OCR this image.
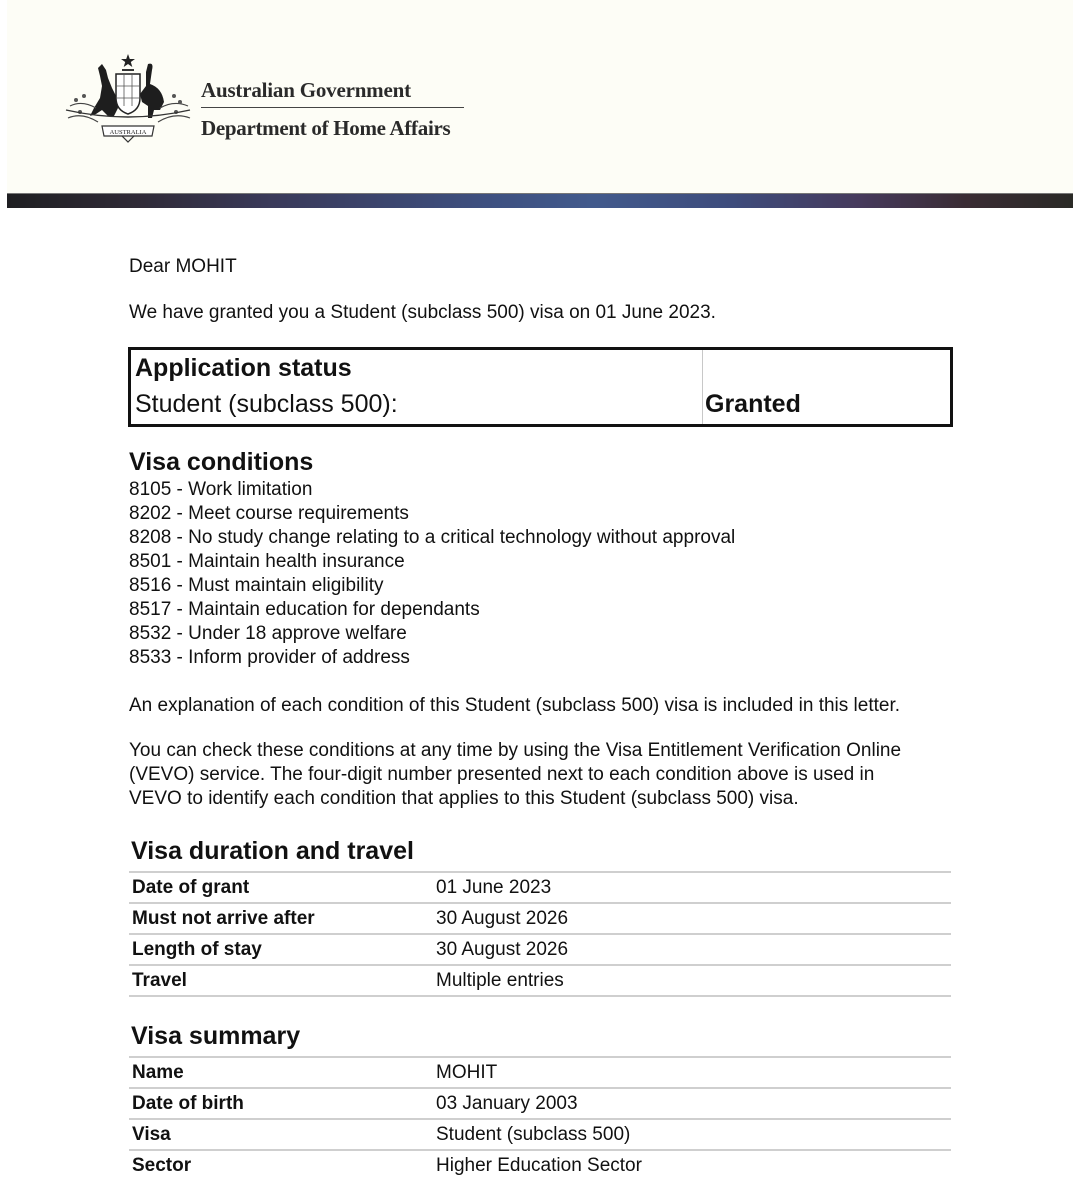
AUSTRALIA
Australian Government
Department of Home Affairs
Dear MOHIT
We have granted you a Student (subclass 500) visa on 01 June 2023.
Application status
Student (subclass 500):	Granted
Visa conditions
8105 - Work limitation
8202 - Meet course requirements
8208 - No study change relating to a critical technology without approval
8501 - Maintain health insurance
8516 - Must maintain eligibility
8517 - Maintain education for dependants
8532 - Under 18 approve welfare
8533 - Inform provider of address
An explanation of each condition of this Student (subclass 500) visa is included in this letter.
You can check these conditions at any time by using the Visa Entitlement Verification Online
(VEVO) service. The four-digit number presented next to each condition above is used in
VEVO to identify each condition that applies to this Student (subclass 500) visa.
Visa duration and travel
Date of grant	01 June 2023
Must not arrive after	30 August 2026
Length of stay	30 August 2026
Travel	Multiple entries
Visa summary
Name	MOHIT
Date of birth	03 January 2003
Visa	Student (subclass 500)
Sector	Higher Education Sector
